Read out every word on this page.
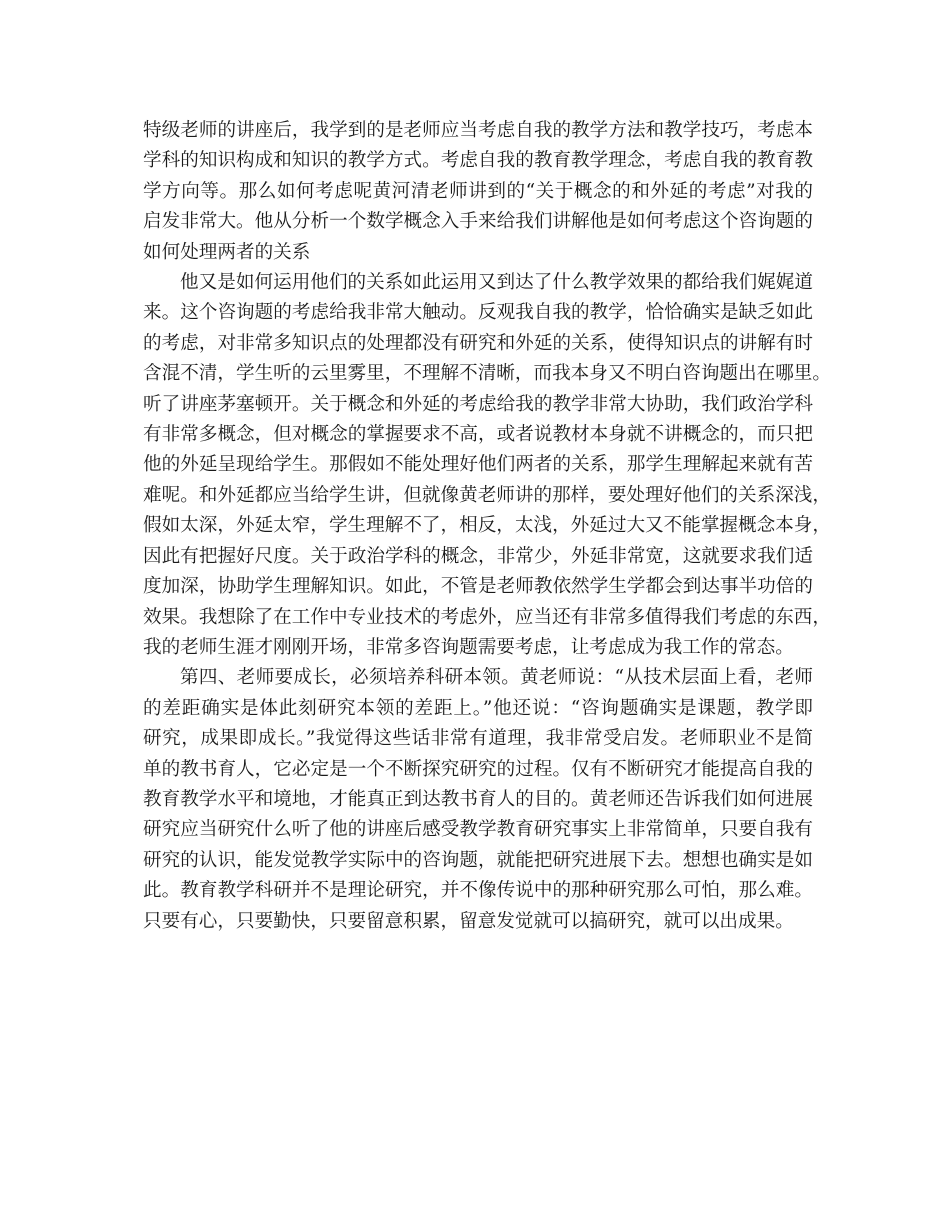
特级老师的讲座后，我学到的是老师应当考虑自我的教学方法和教学技巧，考虑本
学科的知识构成和知识的教学方式。考虑自我的教育教学理念，考虑自我的教育教
学方向等。那么如何考虑呢黄河清老师讲到的“关于概念的和外延的考虑”对我的
启发非常大。他从分析一个数学概念入手来给我们讲解他是如何考虑这个咨询题的
如何处理两者的关系
他又是如何运用他们的关系如此运用又到达了什么教学效果的都给我们娓娓道
来。这个咨询题的考虑给我非常大触动。反观我自我的教学，恰恰确实是缺乏如此
的考虑，对非常多知识点的处理都没有研究和外延的关系，使得知识点的讲解有时
含混不清，学生听的云里雾里，不理解不清晰，而我本身又不明白咨询题出在哪里。
听了讲座茅塞顿开。关于概念和外延的考虑给我的教学非常大协助，我们政治学科
有非常多概念，但对概念的掌握要求不高，或者说教材本身就不讲概念的，而只把
他的外延呈现给学生。那假如不能处理好他们两者的关系，那学生理解起来就有苦
难呢。和外延都应当给学生讲，但就像黄老师讲的那样，要处理好他们的关系深浅，
假如太深，外延太窄，学生理解不了，相反，太浅，外延过大又不能掌握概念本身，
因此有把握好尺度。关于政治学科的概念，非常少，外延非常宽，这就要求我们适
度加深，协助学生理解知识。如此，不管是老师教依然学生学都会到达事半功倍的
效果。我想除了在工作中专业技术的考虑外，应当还有非常多值得我们考虑的东西，
我的老师生涯才刚刚开场，非常多咨询题需要考虑，让考虑成为我工作的常态。
第四、老师要成长，必须培养科研本领。黄老师说：“从技术层面上看，老师
的差距确实是体此刻研究本领的差距上。”他还说：“咨询题确实是课题，教学即
研究，成果即成长。”我觉得这些话非常有道理，我非常受启发。老师职业不是简
单的教书育人，它必定是一个不断探究研究的过程。仅有不断研究才能提高自我的
教育教学水平和境地，才能真正到达教书育人的目的。黄老师还告诉我们如何进展
研究应当研究什么听了他的讲座后感受教学教育研究事实上非常简单，只要自我有
研究的认识，能发觉教学实际中的咨询题，就能把研究进展下去。想想也确实是如
此。教育教学科研并不是理论研究，并不像传说中的那种研究那么可怕，那么难。
只要有心，只要勤快，只要留意积累，留意发觉就可以搞研究，就可以出成果。
